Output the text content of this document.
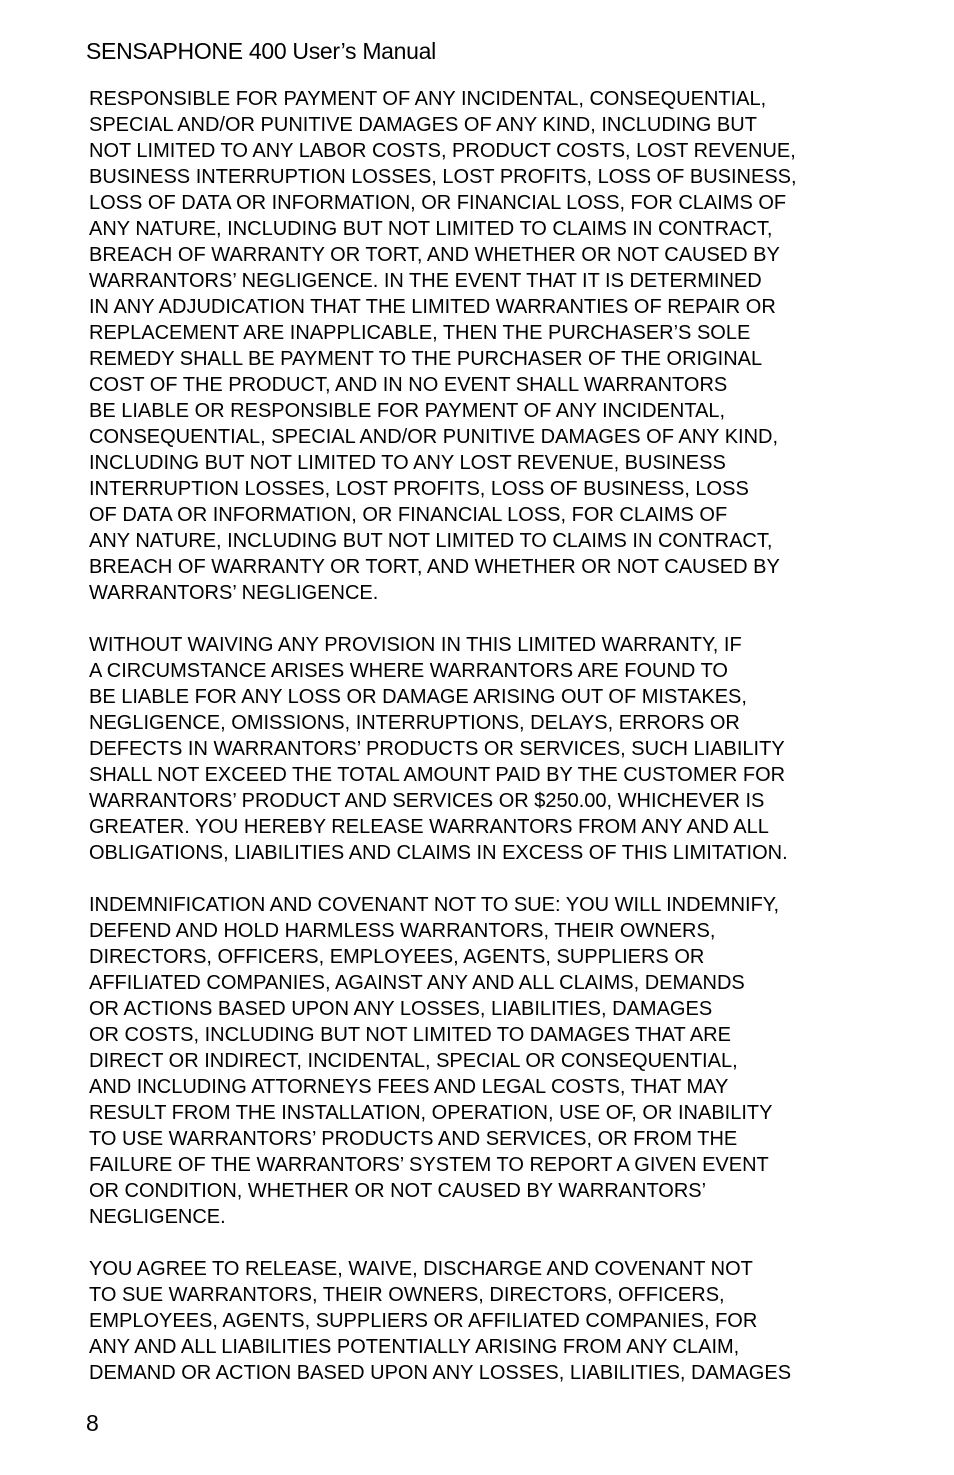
SENSAPHONE 400 User’s Manual

RESPONSIBLE FOR PAYMENT OF ANY INCIDENTAL, CONSEQUENTIAL,
SPECIAL AND/OR PUNITIVE DAMAGES OF ANY KIND, INCLUDING BUT
NOT LIMITED TO ANY LABOR COSTS, PRODUCT COSTS, LOST REVENUE,
BUSINESS INTERRUPTION LOSSES, LOST PROFITS, LOSS OF BUSINESS,
LOSS OF DATA OR INFORMATION, OR FINANCIAL LOSS, FOR CLAIMS OF
ANY NATURE, INCLUDING BUT NOT LIMITED TO CLAIMS IN CONTRACT,
BREACH OF WARRANTY OR TORT, AND WHETHER OR NOT CAUSED BY
WARRANTORS’ NEGLIGENCE. IN THE EVENT THAT IT IS DETERMINED
IN ANY ADJUDICATION THAT THE LIMITED WARRANTIES OF REPAIR OR
REPLACEMENT ARE INAPPLICABLE, THEN THE PURCHASER’S SOLE
REMEDY SHALL BE PAYMENT TO THE PURCHASER OF THE ORIGINAL
COST OF THE PRODUCT, AND IN NO EVENT SHALL WARRANTORS
BE LIABLE OR RESPONSIBLE FOR PAYMENT OF ANY INCIDENTAL,
CONSEQUENTIAL, SPECIAL AND/OR PUNITIVE DAMAGES OF ANY KIND,
INCLUDING BUT NOT LIMITED TO ANY LOST REVENUE, BUSINESS
INTERRUPTION LOSSES, LOST PROFITS, LOSS OF BUSINESS, LOSS
OF DATA OR INFORMATION, OR FINANCIAL LOSS, FOR CLAIMS OF
ANY NATURE, INCLUDING BUT NOT LIMITED TO CLAIMS IN CONTRACT,
BREACH OF WARRANTY OR TORT, AND WHETHER OR NOT CAUSED BY
WARRANTORS’ NEGLIGENCE.

WITHOUT WAIVING ANY PROVISION IN THIS LIMITED WARRANTY, IF
A CIRCUMSTANCE ARISES WHERE WARRANTORS ARE FOUND TO
BE LIABLE FOR ANY LOSS OR DAMAGE ARISING OUT OF MISTAKES,
NEGLIGENCE, OMISSIONS, INTERRUPTIONS, DELAYS, ERRORS OR
DEFECTS IN WARRANTORS’ PRODUCTS OR SERVICES, SUCH LIABILITY
SHALL NOT EXCEED THE TOTAL AMOUNT PAID BY THE CUSTOMER FOR
WARRANTORS’ PRODUCT AND SERVICES OR $250.00, WHICHEVER IS
GREATER. YOU HEREBY RELEASE WARRANTORS FROM ANY AND ALL
OBLIGATIONS, LIABILITIES AND CLAIMS IN EXCESS OF THIS LIMITATION.

INDEMNIFICATION AND COVENANT NOT TO SUE: YOU WILL INDEMNIFY,
DEFEND AND HOLD HARMLESS WARRANTORS, THEIR OWNERS,
DIRECTORS, OFFICERS, EMPLOYEES, AGENTS, SUPPLIERS OR
AFFILIATED COMPANIES, AGAINST ANY AND ALL CLAIMS, DEMANDS
OR ACTIONS BASED UPON ANY LOSSES, LIABILITIES, DAMAGES
OR COSTS, INCLUDING BUT NOT LIMITED TO DAMAGES THAT ARE
DIRECT OR INDIRECT, INCIDENTAL, SPECIAL OR CONSEQUENTIAL,
AND INCLUDING ATTORNEYS FEES AND LEGAL COSTS, THAT MAY
RESULT FROM THE INSTALLATION, OPERATION, USE OF, OR INABILITY
TO USE WARRANTORS’ PRODUCTS AND SERVICES, OR FROM THE
FAILURE OF THE WARRANTORS’ SYSTEM TO REPORT A GIVEN EVENT
OR CONDITION, WHETHER OR NOT CAUSED BY WARRANTORS’
NEGLIGENCE.

YOU AGREE TO RELEASE, WAIVE, DISCHARGE AND COVENANT NOT
TO SUE WARRANTORS, THEIR OWNERS, DIRECTORS, OFFICERS,
EMPLOYEES, AGENTS, SUPPLIERS OR AFFILIATED COMPANIES, FOR
ANY AND ALL LIABILITIES POTENTIALLY ARISING FROM ANY CLAIM,
DEMAND OR ACTION BASED UPON ANY LOSSES, LIABILITIES, DAMAGES

8
